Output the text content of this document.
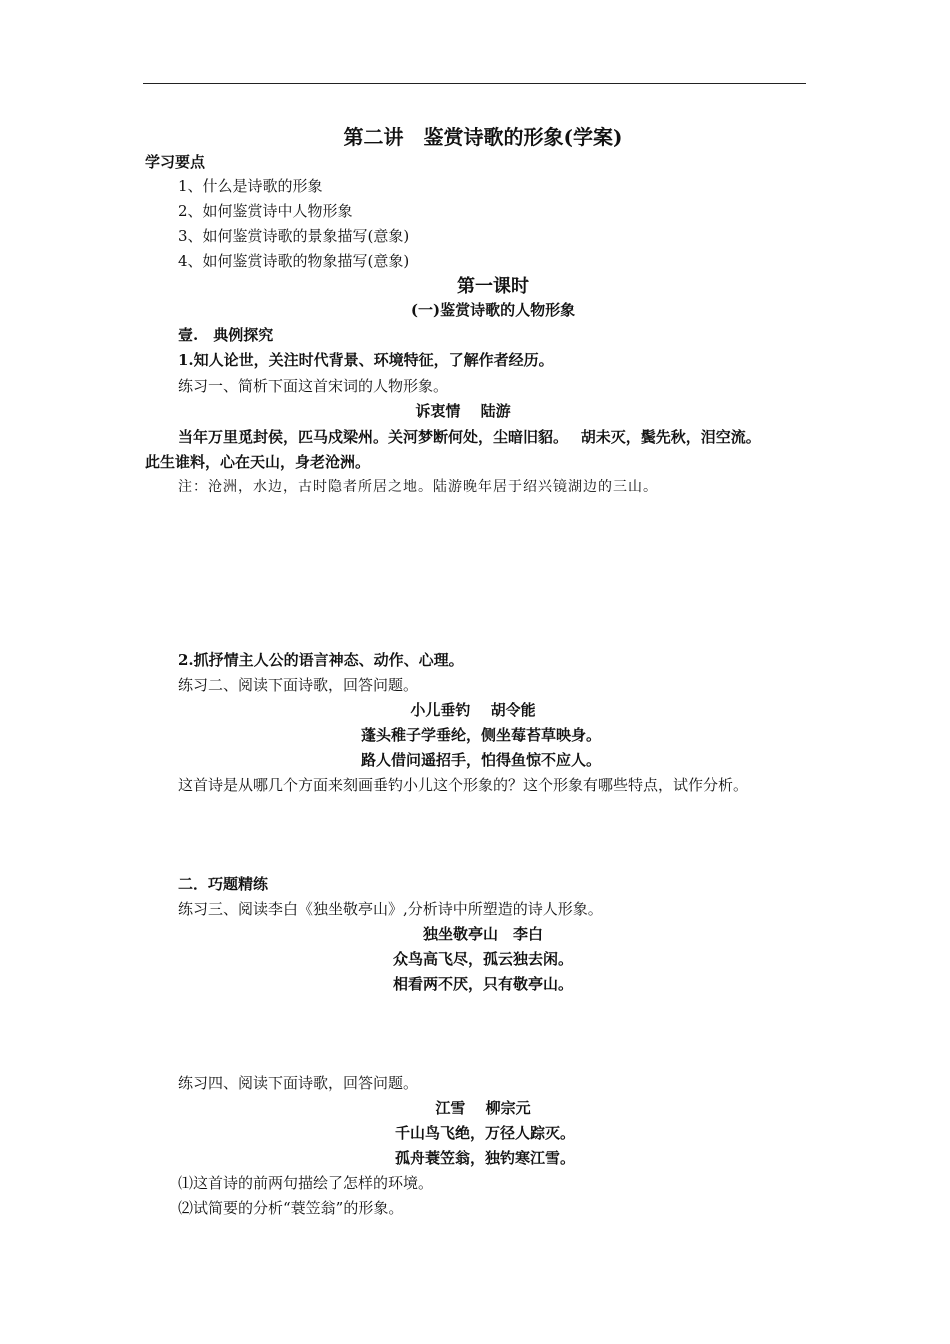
第二讲　鉴赏诗歌的形象(学案)
学习要点
1、什么是诗歌的形象
2、如何鉴赏诗中人物形象
3、如何鉴赏诗歌的景象描写(意象)
4、如何鉴赏诗歌的物象描写(意象)
第一课时
(一)鉴赏诗歌的人物形象
壹.　典例探究
1.知人论世，关注时代背景、环境特征，了解作者经历。
练习一、简析下面这首宋词的人物形象。
诉衷情　 陆游
当年万里觅封侯，匹马戍梁州。关河梦断何处，尘暗旧貂。　 胡未灭，鬓先秋，泪空流。
此生谁料，心在天山，身老沧洲。
注：沧洲，水边，古时隐者所居之地。陆游晚年居于绍兴镜湖边的三山。
2.抓抒情主人公的语言神态、动作、心理。
练习二、阅读下面诗歌，回答问题。
小儿垂钓　 胡令能
蓬头稚子学垂纶，侧坐莓苔草映身。
路人借问遥招手，怕得鱼惊不应人。
这首诗是从哪几个方面来刻画垂钓小儿这个形象的？这个形象有哪些特点，试作分析。
二．巧题精练
练习三、阅读李白《独坐敬亭山》,分析诗中所塑造的诗人形象。
独坐敬亭山　李白
众鸟高飞尽，孤云独去闲。
相看两不厌，只有敬亭山。
练习四、阅读下面诗歌，回答问题。
江雪　 柳宗元
千山鸟飞绝，万径人踪灭。
孤舟蓑笠翁，独钓寒江雪。
⑴这首诗的前两句描绘了怎样的环境。
⑵试简要的分析“蓑笠翁”的形象。
